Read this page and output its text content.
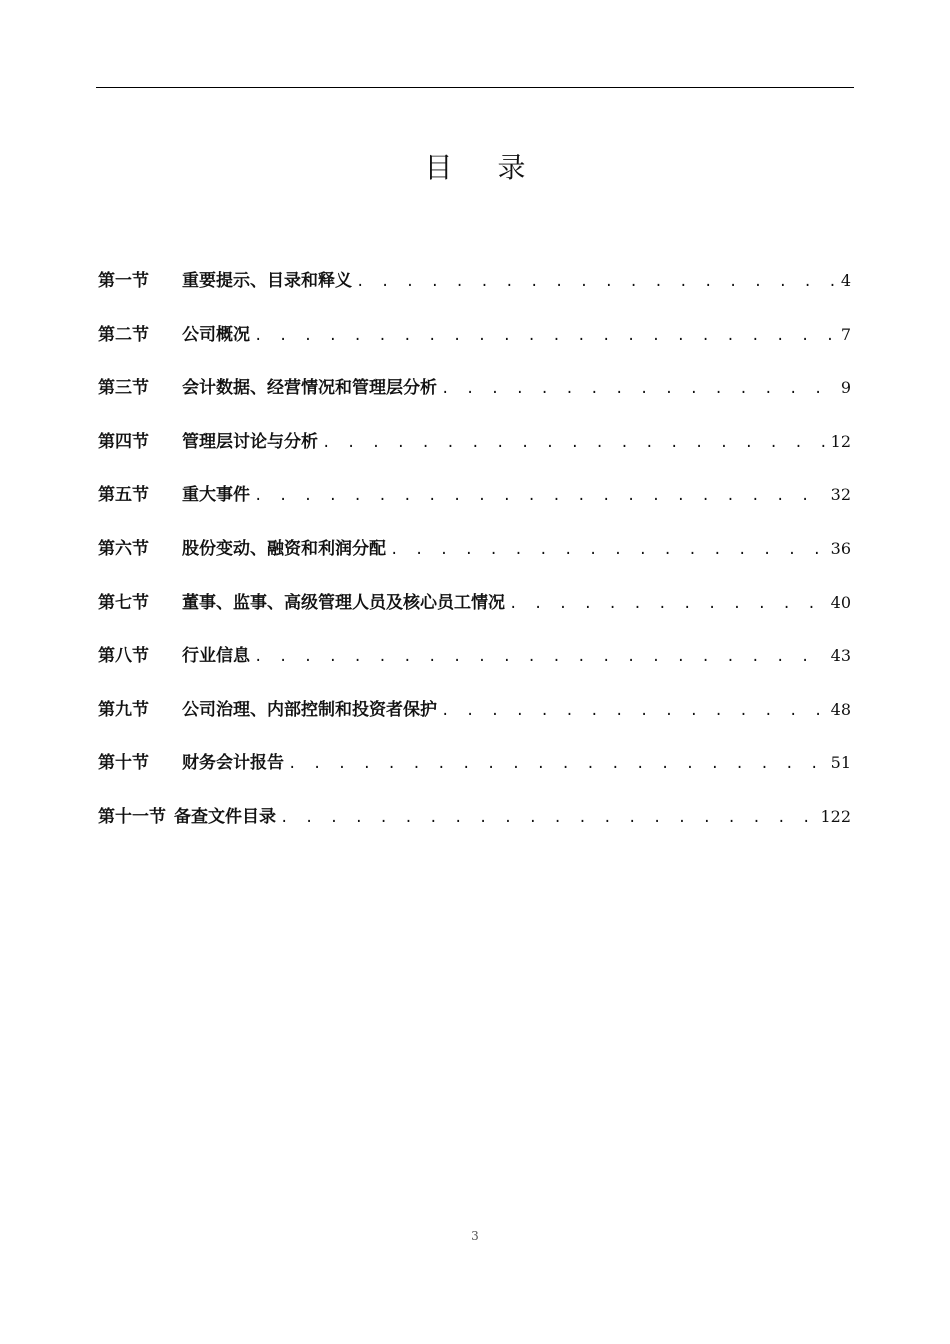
目 录
第一节	重要提示、目录和释义 . . .	4
第二节	公司概况 . . .	7
第三节	会计数据、经营情况和管理层分析 . . .	9
第四节	管理层讨论与分析 . . .	12
第五节	重大事件 . . .	32
第六节	股份变动、融资和利润分配 . . .	36
第七节	董事、监事、高级管理人员及核心员工情况 . . .	40
第八节	行业信息 . . .	43
第九节	公司治理、内部控制和投资者保护 . . .	48
第十节	财务会计报告 . . .	51
第十一节 备查文件目录 . . .	122
3
